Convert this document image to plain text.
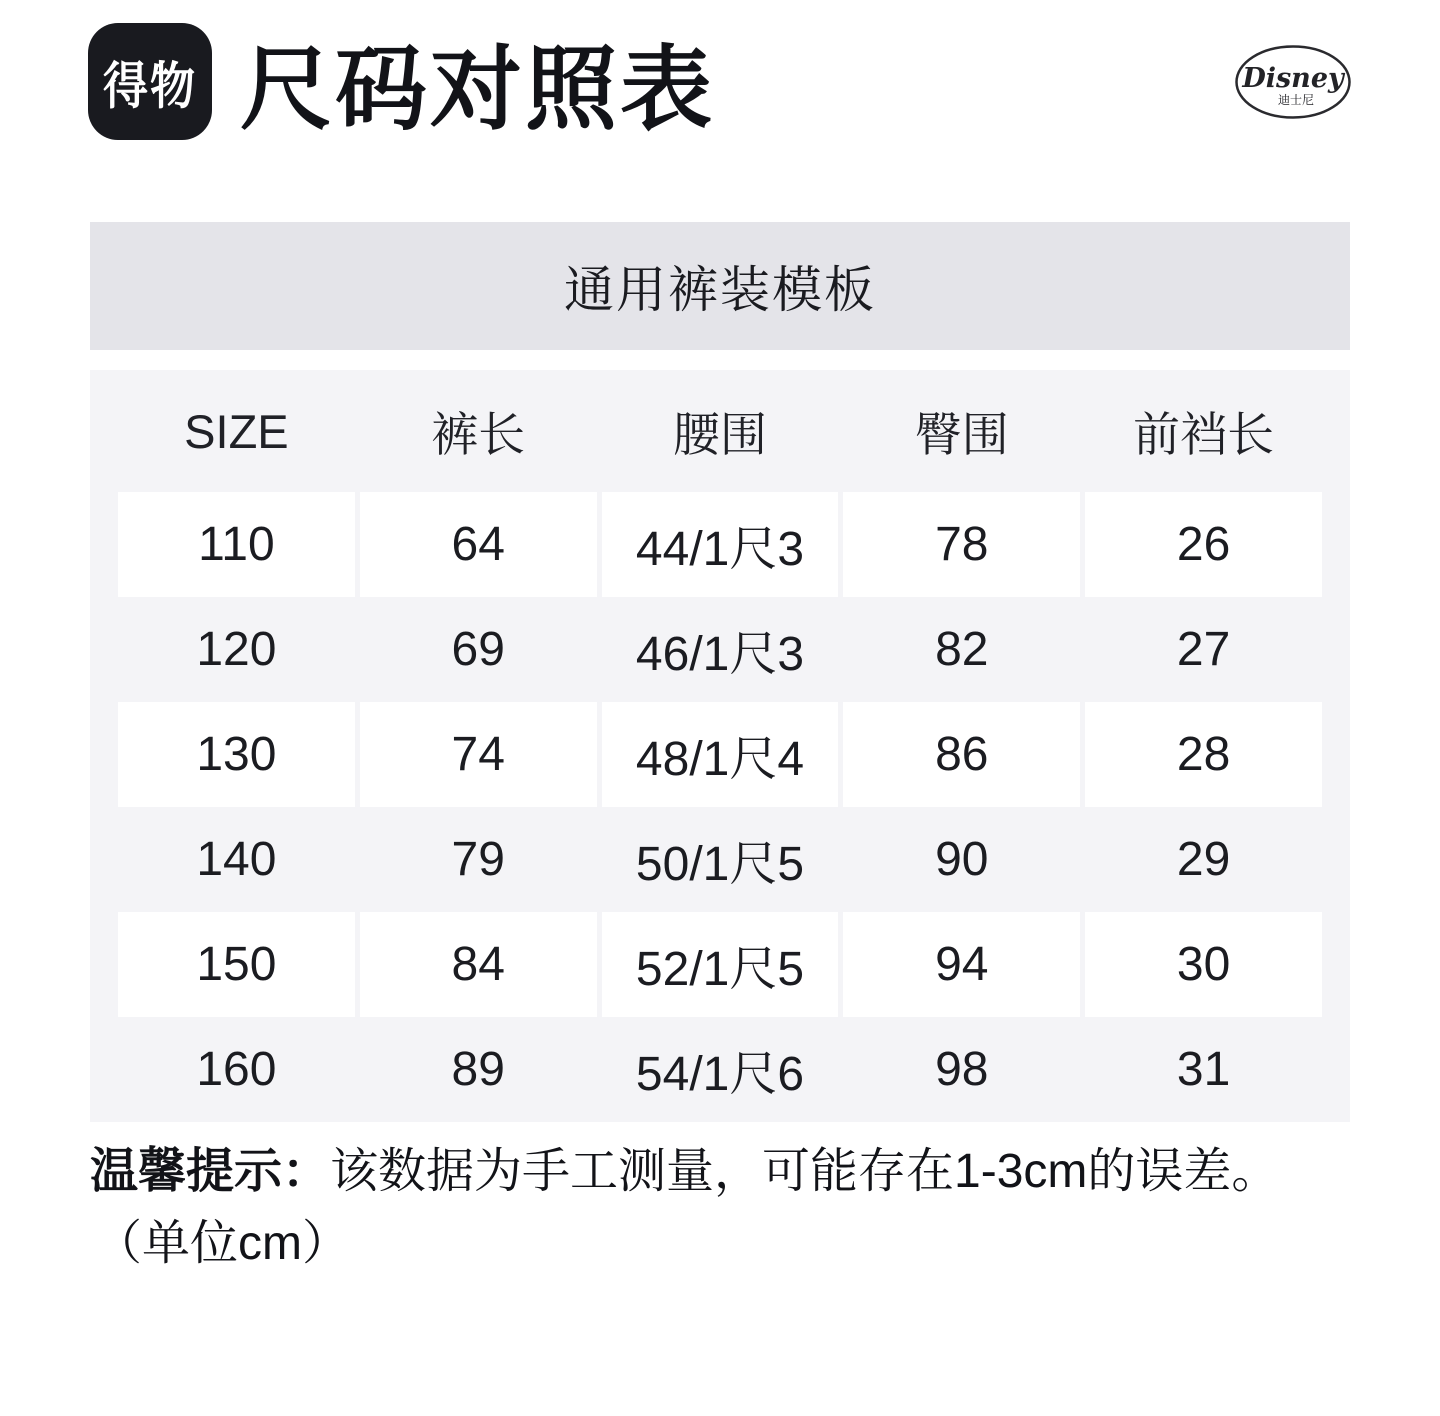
得物 尺码对照表	Disney
迪士尼
通用裤装模板
SIZE	裤长	腰围	臀围	前裆长
110	64	44/1尺3	78	26
120	69	46/1尺3	82	27
130	74	48/1尺4	86	28
140	79	50/1尺5	90	29
150	84	52/1尺5	94	30
160	89	54/1尺6	98	31

温馨提示：该数据为手工测量，可能存在1-3cm的误差。

（单位cm）
